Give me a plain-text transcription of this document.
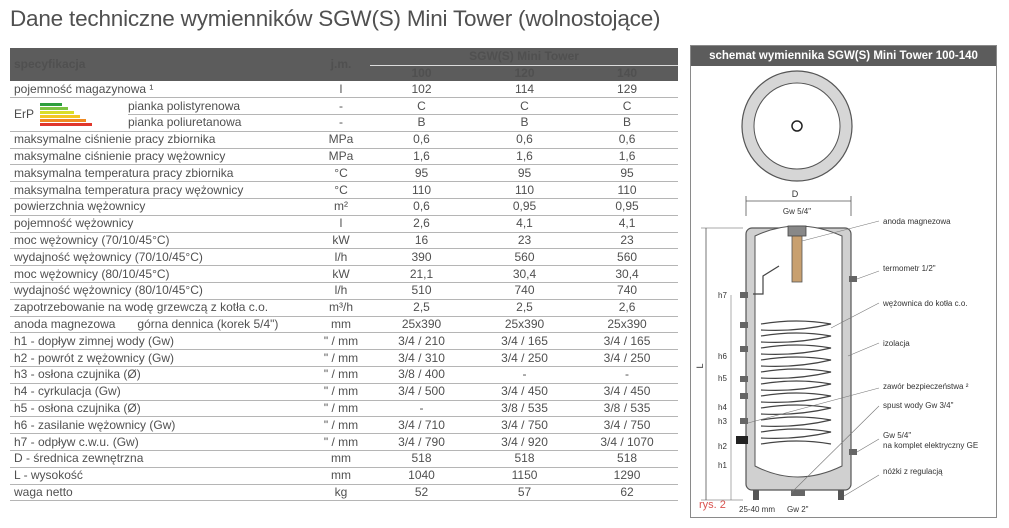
Dane techniczne wymienników SGW(S) Mini Tower (wolnostojące)
specyfikacja		j.m.	SGW(S) Mini Tower		
			100	120	140
pojemność magazynowa ¹		l	102	114	129

ErP	pianka polistyrenowa	-	C	C	C
	pianka poliuretanowa	-	B	B	B
maksymalne ciśnienie pracy zbiornika		MPa	0,6	0,6	0,6
maksymalne ciśnienie pracy wężownicy		MPa	1,6	1,6	1,6
maksymalna temperatura pracy zbiornika		°C	95	95	95
maksymalna temperatura pracy wężownicy		°C	110	110	110
powierzchnia wężownicy		m²	0,6	0,95	0,95
pojemność wężownicy		l	2,6	4,1	4,1
moc wężownicy (70/10/45°C)		kW	16	23	23
wydajność wężownicy (70/10/45°C)		l/h	390	560	560
moc wężownicy (80/10/45°C)		kW	21,1	30,4	30,4
wydajność wężownicy (80/10/45°C)		l/h	510	740	740
zapotrzebowanie na wodę grzewczą z kotła c.o.		m³/h	2,5	2,5	2,6
anoda magnezowa górna dennica (korek 5/4")		mm	25x390	25x390	25x390
h1 - dopływ zimnej wody (Gw)		" / mm	3/4 / 210	3/4 / 165	3/4 / 165
h2 - powrót z wężownicy (Gw)		" / mm	3/4 / 310	3/4 / 250	3/4 / 250
h3 - osłona czujnika (Ø)		" / mm	3/8 / 400	-	-
h4 - cyrkulacja (Gw)		" / mm	3/4 / 500	3/4 / 450	3/4 / 450
h5 - osłona czujnika (Ø)		" / mm	-	3/8 / 535	3/8 / 535
h6 - zasilanie wężownicy (Gw)		" / mm	3/4 / 710	3/4 / 750	3/4 / 750
h7 - odpływ c.w.u. (Gw)		" / mm	3/4 / 790	3/4 / 920	3/4 / 1070
D - średnica zewnętrzna		mm	518	518	518
L - wysokość		mm	1040	1150	1290
waga netto		kg	52	57	62
schemat wymiennika SGW(S) Mini Tower 100-140
D
Gw 5/4"
L
h7
h6
h5
h4
h3
h2
h1
25-40 mm Gw 2"
anoda magnezowa
termometr 1/2"
wężownica do kotła c.o.
izolacja
zawór bezpieczeństwa ²
spust wody Gw 3/4"
Gw 5/4"
na komplet elektryczny GE
nóżki z regulacją
rys. 2
